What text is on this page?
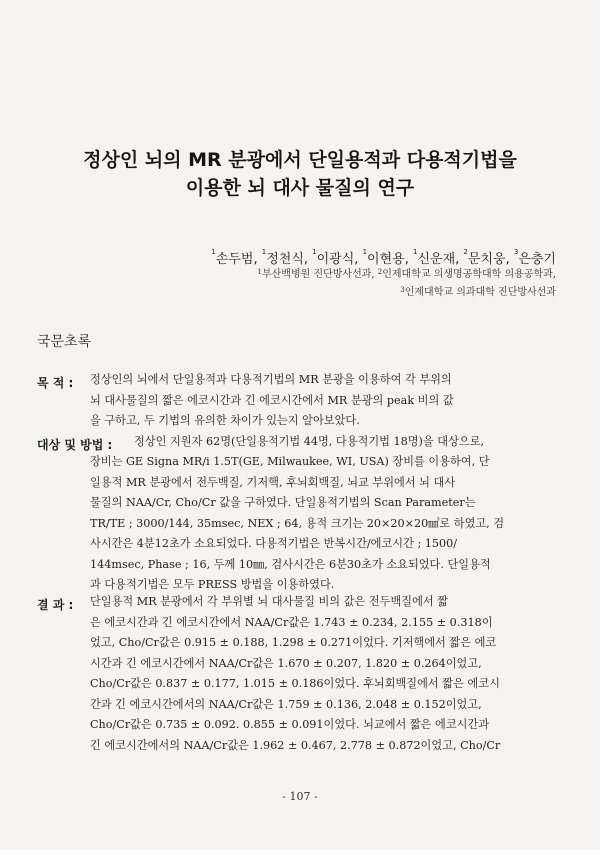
정상인 뇌의 MR 분광에서 단일용적과 다용적기법을
이용한 뇌 대사 물질의 연구
$^1$손두범, $^1$정천식, $^1$이광식, $^1$이현용, $^1$신운재, $^2$문치웅, $^3$은충기
$^1$부산백병원 진단방사선과, $^2$인제대학교 의생명공학대학 의용공학과,
$^3$인제대학교 의과대학 진단방사선과
국문초록
목 적 : 정상인의 뇌에서 단일용적과 다용적기법의 MR 분광을 이용하여 각 부위의
뇌 대사물질의 짧은 에코시간과 긴 에코시간에서 MR 분광의 peak 비의 값
을 구하고, 두 기법의 유의한 차이가 있는지 알아보았다.
대상 및 방법 : 정상인 지원자 62명(단일용적기법 44명, 다용적기법 18명)을 대상으로,
장비는 GE Signa MR/i 1.5T(GE, Milwaukee, WI, USA) 장비를 이용하여, 단
일용적 MR 분광에서 전두백질, 기저핵, 후뇌회백질, 뇌교 부위에서 뇌 대사
물질의 NAA/Cr, Cho/Cr 값을 구하였다. 단일용적기법의 Scan Parameter는
TR/TE ; 3000/144, 35msec, NEX ; 64, 용적 크기는 20×20×20㎣로 하였고, 검
사시간은 4분12초가 소요되었다. 다용적기법은 반복시간/에코시간 ; 1500/
144msec, Phase ; 16, 두께 10㎜, 검사시간은 6분30초가 소요되었다. 단일용적
과 다용적기법은 모두 PRESS 방법을 이용하였다.
결 과 : 단일용적 MR 분광에서 각 부위별 뇌 대사물질 비의 값은 전두백질에서 짧
은 에코시간과 긴 에코시간에서 NAA/Cr값은 1.743 ± 0.234, 2.155 ± 0.318이
었고, Cho/Cr값은 0.915 ± 0.188, 1.298 ± 0.271이었다. 기저핵에서 짧은 에코
시간과 긴 에코시간에서 NAA/Cr값은 1.670 ± 0.207, 1.820 ± 0.264이었고,
Cho/Cr값은 0.837 ± 0.177, 1.015 ± 0.186이었다. 후뇌회백질에서 짧은 에코시
간과 긴 에코시간에서의 NAA/Cr값은 1.759 ± 0.136, 2.048 ± 0.152이었고,
Cho/Cr값은 0.735 ± 0.092. 0.855 ± 0.091이었다. 뇌교에서 짧은 에코시간과
긴 에코시간에서의 NAA/Cr값은 1.962 ± 0.467, 2.778 ± 0.872이었고, Cho/Cr
- 107 -
